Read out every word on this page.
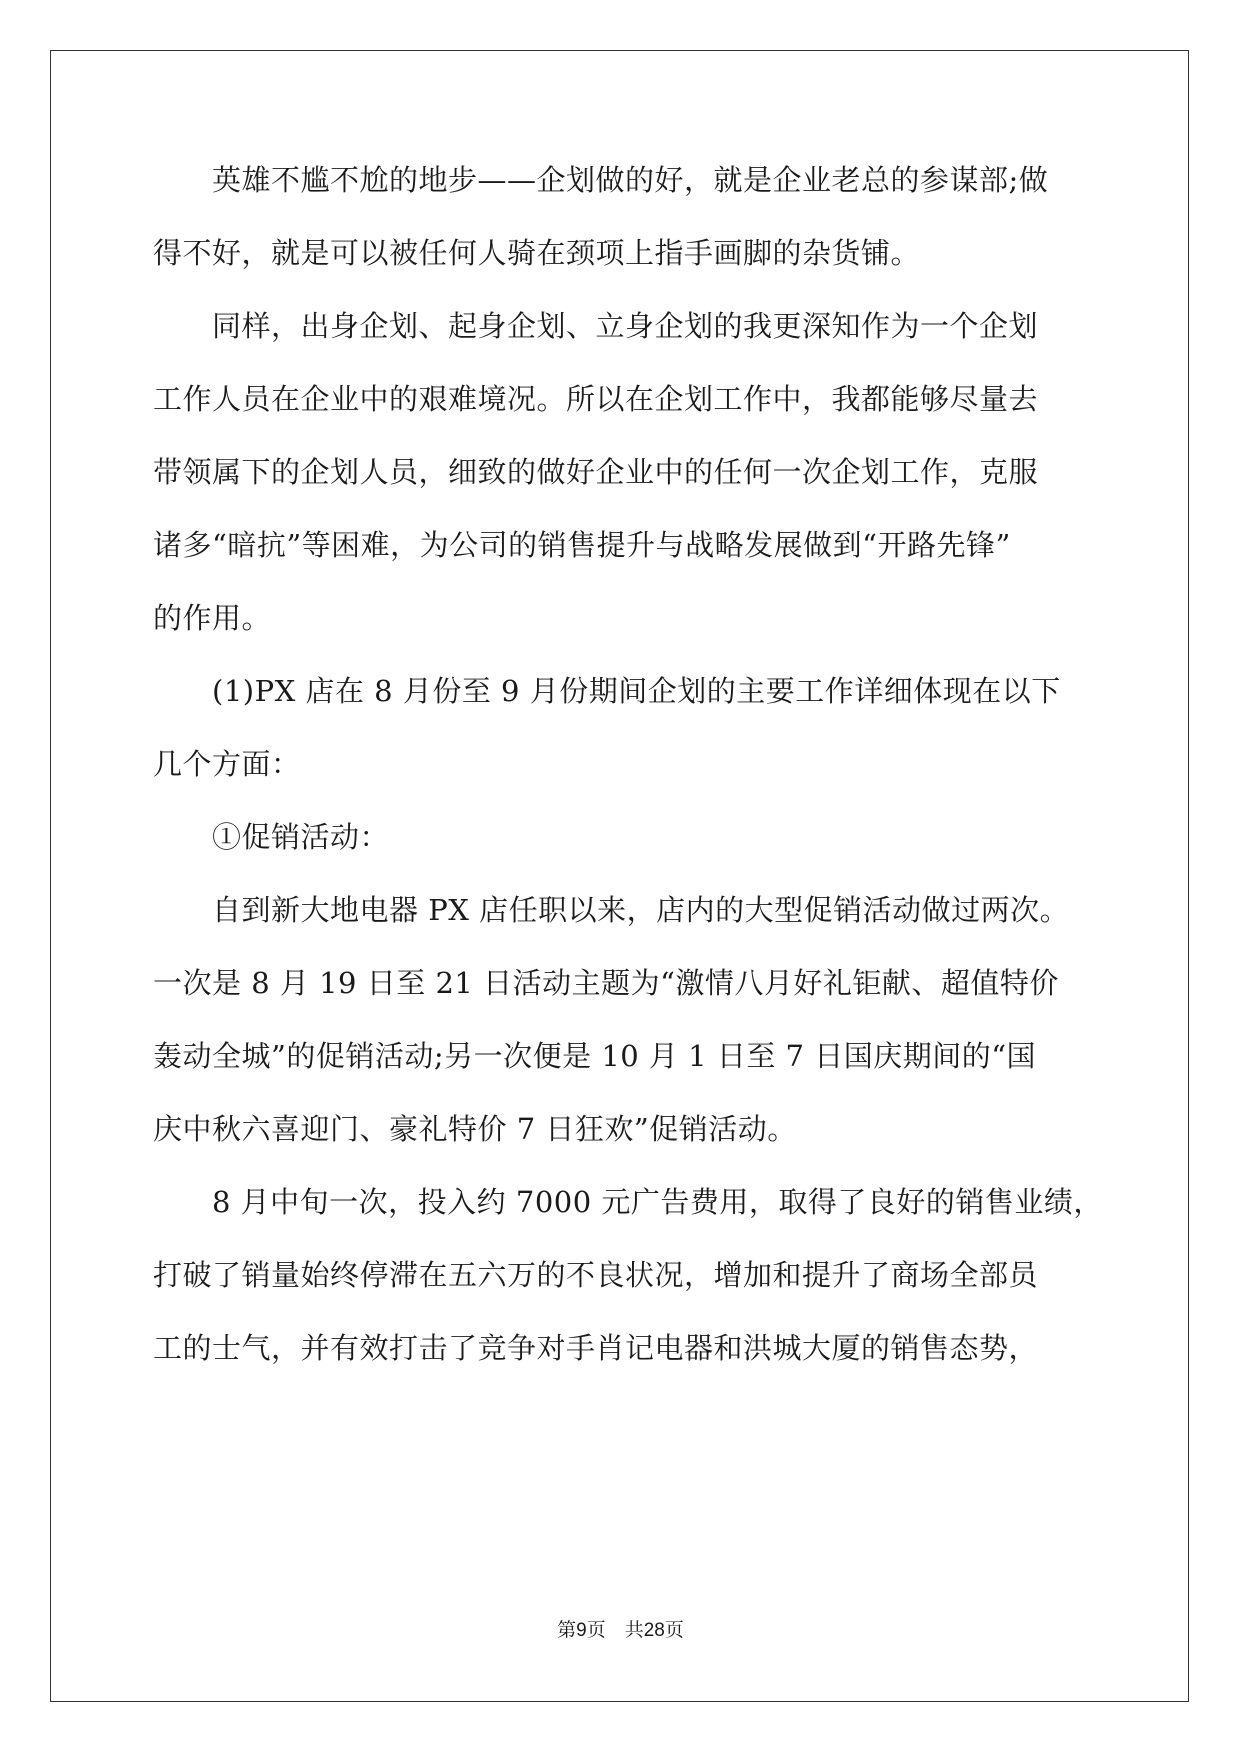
　　英雄不尴不尬的地步——企划做的好，就是企业老总的参谋部;做
得不好，就是可以被任何人骑在颈项上指手画脚的杂货铺。
　　同样，出身企划、起身企划、立身企划的我更深知作为一个企划
工作人员在企业中的艰难境况。所以在企划工作中，我都能够尽量去
带领属下的企划人员，细致的做好企业中的任何一次企划工作，克服
诸多“暗抗”等困难，为公司的销售提升与战略发展做到“开路先锋”
的作用。
　　(1)PX 店在 8 月份至 9 月份期间企划的主要工作详细体现在以下
几个方面：
　　①促销活动：
　　自到新大地电器 PX 店任职以来，店内的大型促销活动做过两次。
一次是 8 月 19 日至 21 日活动主题为“激情八月好礼钜献、超值特价
轰动全城”的促销活动;另一次便是 10 月 1 日至 7 日国庆期间的“国
庆中秋六喜迎门、豪礼特价 7 日狂欢”促销活动。
　　8 月中旬一次，投入约 7000 元广告费用，取得了良好的销售业绩，
打破了销量始终停滞在五六万的不良状况，增加和提升了商场全部员
工的士气，并有效打击了竞争对手肖记电器和洪城大厦的销售态势，
第9页　共28页
